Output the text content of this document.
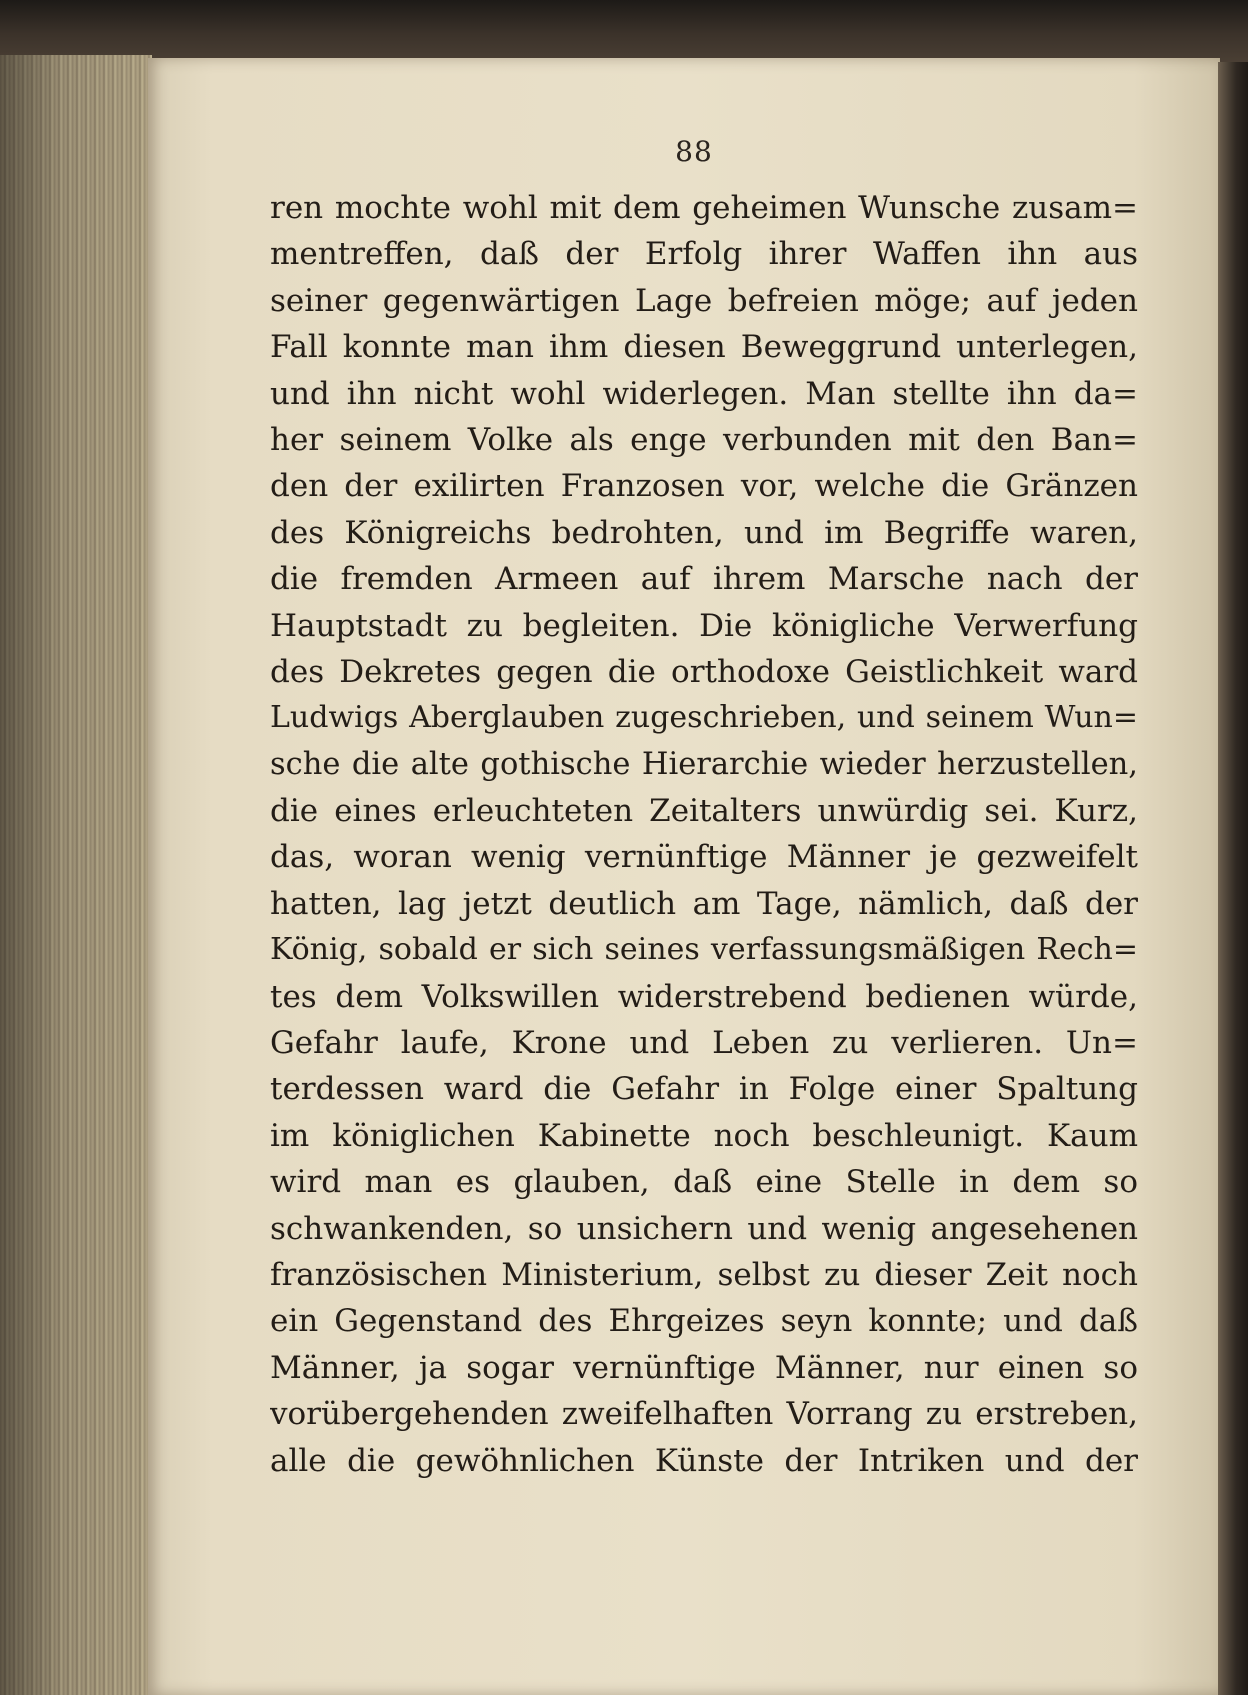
88
ren mochte wohl mit dem geheimen Wunsche zusam=
mentreffen, daß der Erfolg ihrer Waffen ihn aus
seiner gegenwärtigen Lage befreien möge; auf jeden
Fall konnte man ihm diesen Beweggrund unterlegen,
und ihn nicht wohl widerlegen. Man stellte ihn da=
her seinem Volke als enge verbunden mit den Ban=
den der exilirten Franzosen vor, welche die Gränzen
des Königreichs bedrohten, und im Begriffe waren,
die fremden Armeen auf ihrem Marsche nach der
Hauptstadt zu begleiten. Die königliche Verwerfung
des Dekretes gegen die orthodoxe Geistlichkeit ward
Ludwigs Aberglauben zugeschrieben, und seinem Wun=
sche die alte gothische Hierarchie wieder herzustellen,
die eines erleuchteten Zeitalters unwürdig sei. Kurz,
das, woran wenig vernünftige Männer je gezweifelt
hatten, lag jetzt deutlich am Tage, nämlich, daß der
König, sobald er sich seines verfassungsmäßigen Rech=
tes dem Volkswillen widerstrebend bedienen würde,
Gefahr laufe, Krone und Leben zu verlieren. Un=
terdessen ward die Gefahr in Folge einer Spaltung
im königlichen Kabinette noch beschleunigt. Kaum
wird man es glauben, daß eine Stelle in dem so
schwankenden, so unsichern und wenig angesehenen
französischen Ministerium, selbst zu dieser Zeit noch
ein Gegenstand des Ehrgeizes seyn konnte; und daß
Männer, ja sogar vernünftige Männer, nur einen so
vorübergehenden zweifelhaften Vorrang zu erstreben,
alle die gewöhnlichen Künste der Intriken und der
